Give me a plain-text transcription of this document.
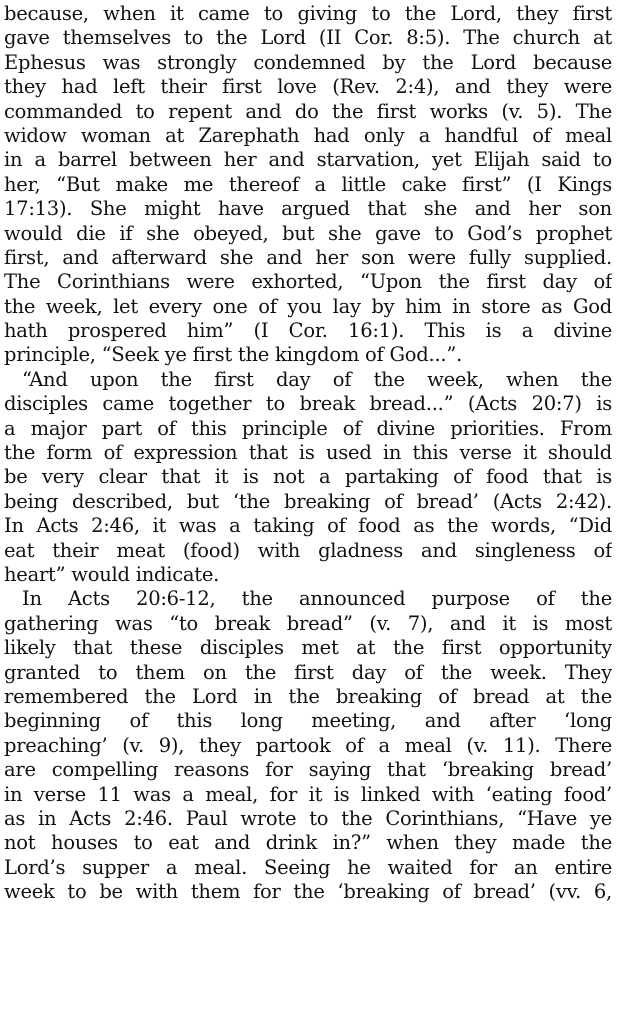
because, when it came to giving to the Lord, they first
gave themselves to the Lord (II Cor. 8:5). The church at
Ephesus was strongly condemned by the Lord because
they had left their first love (Rev. 2:4), and they were
commanded to repent and do the first works (v. 5). The
widow woman at Zarephath had only a handful of meal
in a barrel between her and starvation, yet Elijah said to
her, “But make me thereof a little cake first” (I Kings
17:13). She might have argued that she and her son
would die if she obeyed, but she gave to God’s prophet
first, and afterward she and her son were fully supplied.
The Corinthians were exhorted, “Upon the first day of
the week, let every one of you lay by him in store as God
hath prospered him” (I Cor. 16:1). This is a divine
principle, “Seek ye first the kingdom of God...”.
“And upon the first day of the week, when the
disciples came together to break bread...” (Acts 20:7) is
a major part of this principle of divine priorities. From
the form of expression that is used in this verse it should
be very clear that it is not a partaking of food that is
being described, but ‘the breaking of bread’ (Acts 2:42).
In Acts 2:46, it was a taking of food as the words, “Did
eat their meat (food) with gladness and singleness of
heart” would indicate.
In Acts 20:6-12, the announced purpose of the
gathering was “to break bread” (v. 7), and it is most
likely that these disciples met at the first opportunity
granted to them on the first day of the week. They
remembered the Lord in the breaking of bread at the
beginning of this long meeting, and after ‘long
preaching’ (v. 9), they partook of a meal (v. 11). There
are compelling reasons for saying that ‘breaking bread’
in verse 11 was a meal, for it is linked with ‘eating food’
as in Acts 2:46. Paul wrote to the Corinthians, “Have ye
not houses to eat and drink in?” when they made the
Lord’s supper a meal. Seeing he waited for an entire
week to be with them for the ‘breaking of bread’ (vv. 6,
